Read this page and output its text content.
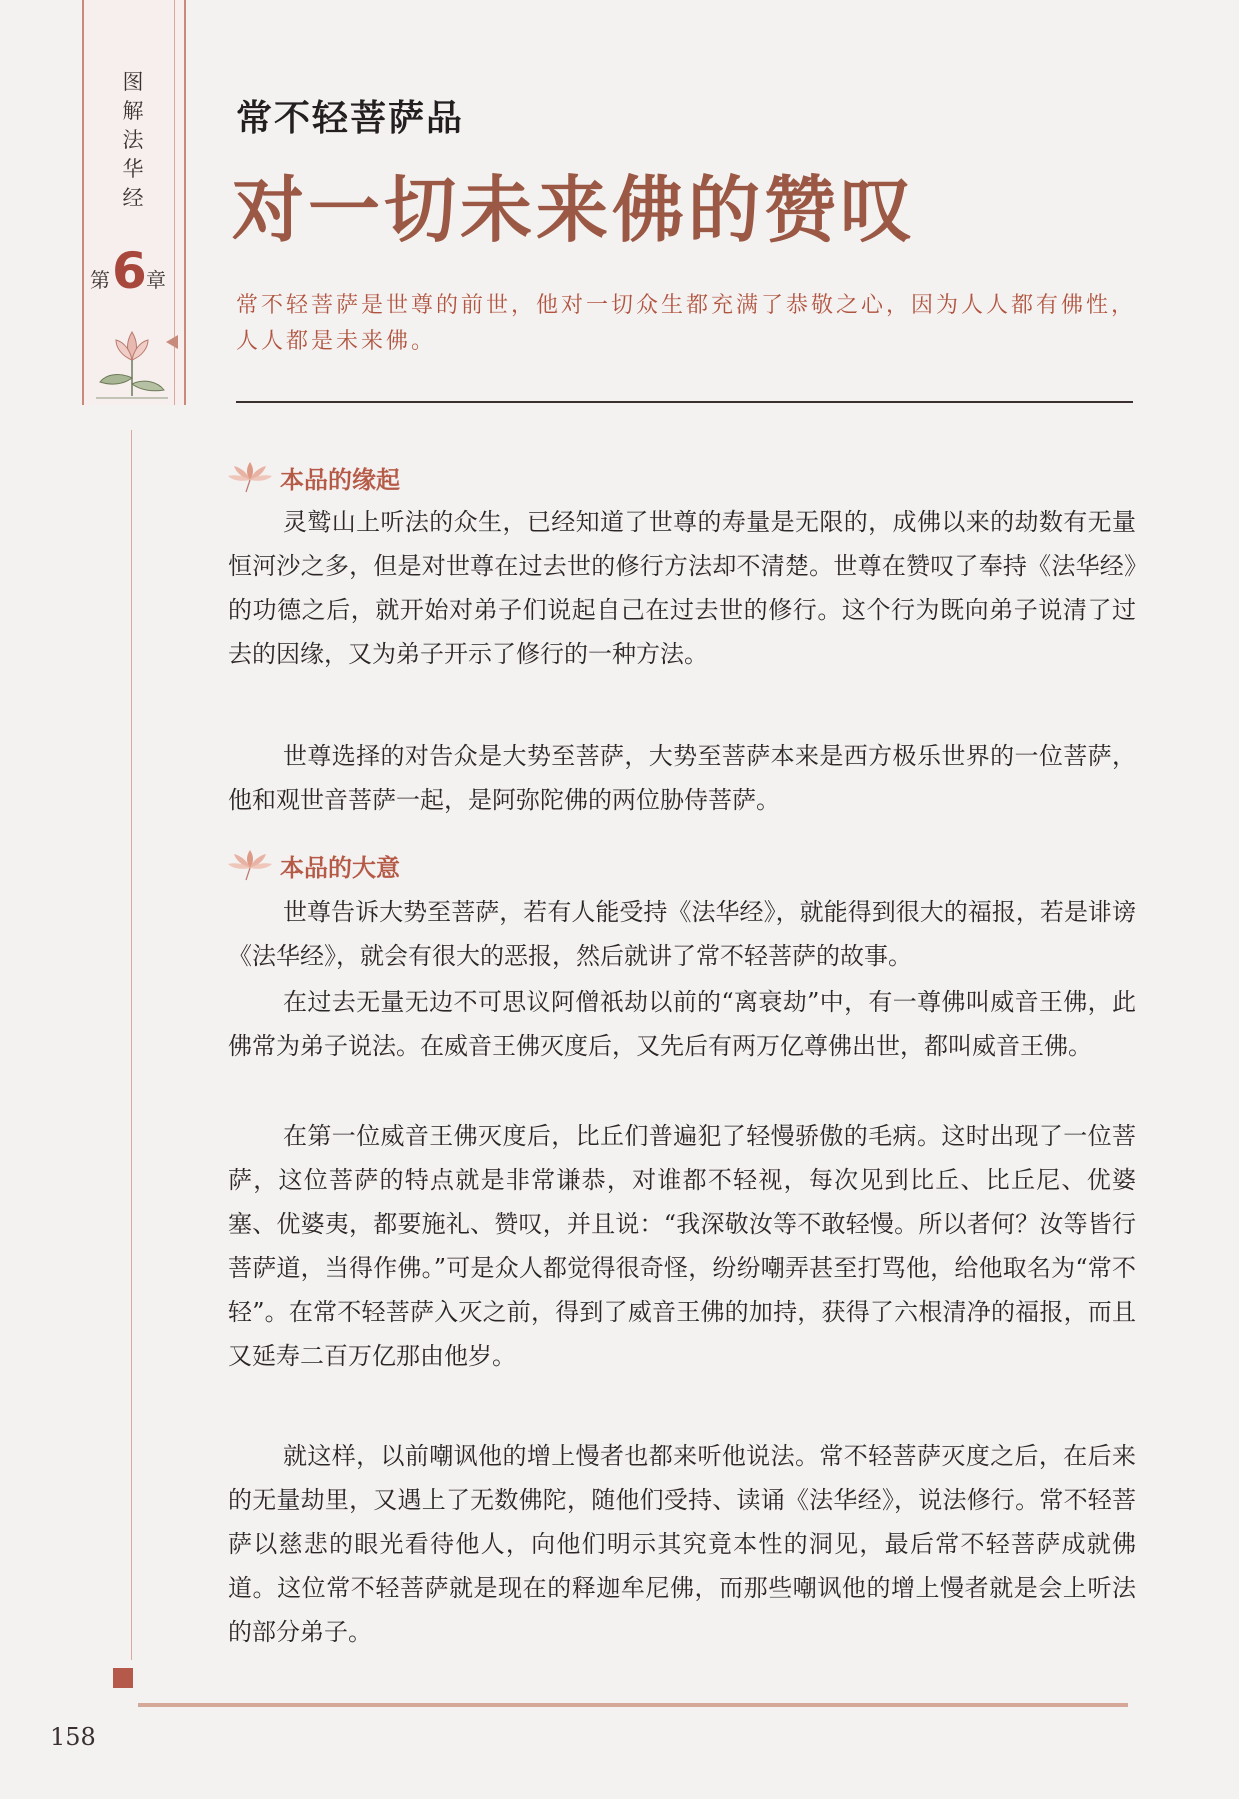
图
解
法
华
经
第 6 章
158
常不轻菩萨品
对一切未来佛的赞叹
常不轻菩萨是世尊的前世，他对一切众生都充满了恭敬之心，因为人人都有佛性，人人都是未来佛。
本品的缘起

灵鹫山上听法的众生，已经知道了世尊的寿量是无限的，成佛以来的劫数有无量恒河沙之多，但是对世尊在过去世的修行方法却不清楚。世尊在赞叹了奉持《法华经》的功德之后，就开始对弟子们说起自己在过去世的修行。这个行为既向弟子说清了过去的因缘，又为弟子开示了修行的一种方法。

世尊选择的对告众是大势至菩萨，大势至菩萨本来是西方极乐世界的一位菩萨，他和观世音菩萨一起，是阿弥陀佛的两位胁侍菩萨。

本品的大意

世尊告诉大势至菩萨，若有人能受持《法华经》，就能得到很大的福报，若是诽谤《法华经》，就会有很大的恶报，然后就讲了常不轻菩萨的故事。

在过去无量无边不可思议阿僧祇劫以前的“离衰劫”中，有一尊佛叫威音王佛，此佛常为弟子说法。在威音王佛灭度后，又先后有两万亿尊佛出世，都叫威音王佛。

在第一位威音王佛灭度后，比丘们普遍犯了轻慢骄傲的毛病。这时出现了一位菩萨，这位菩萨的特点就是非常谦恭，对谁都不轻视，每次见到比丘、比丘尼、优婆塞、优婆夷，都要施礼、赞叹，并且说：“我深敬汝等不敢轻慢。所以者何？汝等皆行菩萨道，当得作佛。”可是众人都觉得很奇怪，纷纷嘲弄甚至打骂他，给他取名为“常不轻”。在常不轻菩萨入灭之前，得到了威音王佛的加持，获得了六根清净的福报，而且又延寿二百万亿那由他岁。

就这样，以前嘲讽他的增上慢者也都来听他说法。常不轻菩萨灭度之后，在后来的无量劫里，又遇上了无数佛陀，随他们受持、读诵《法华经》，说法修行。常不轻菩萨以慈悲的眼光看待他人，向他们明示其究竟本性的洞见，最后常不轻菩萨成就佛道。这位常不轻菩萨就是现在的释迦牟尼佛，而那些嘲讽他的增上慢者就是会上听法的部分弟子。
